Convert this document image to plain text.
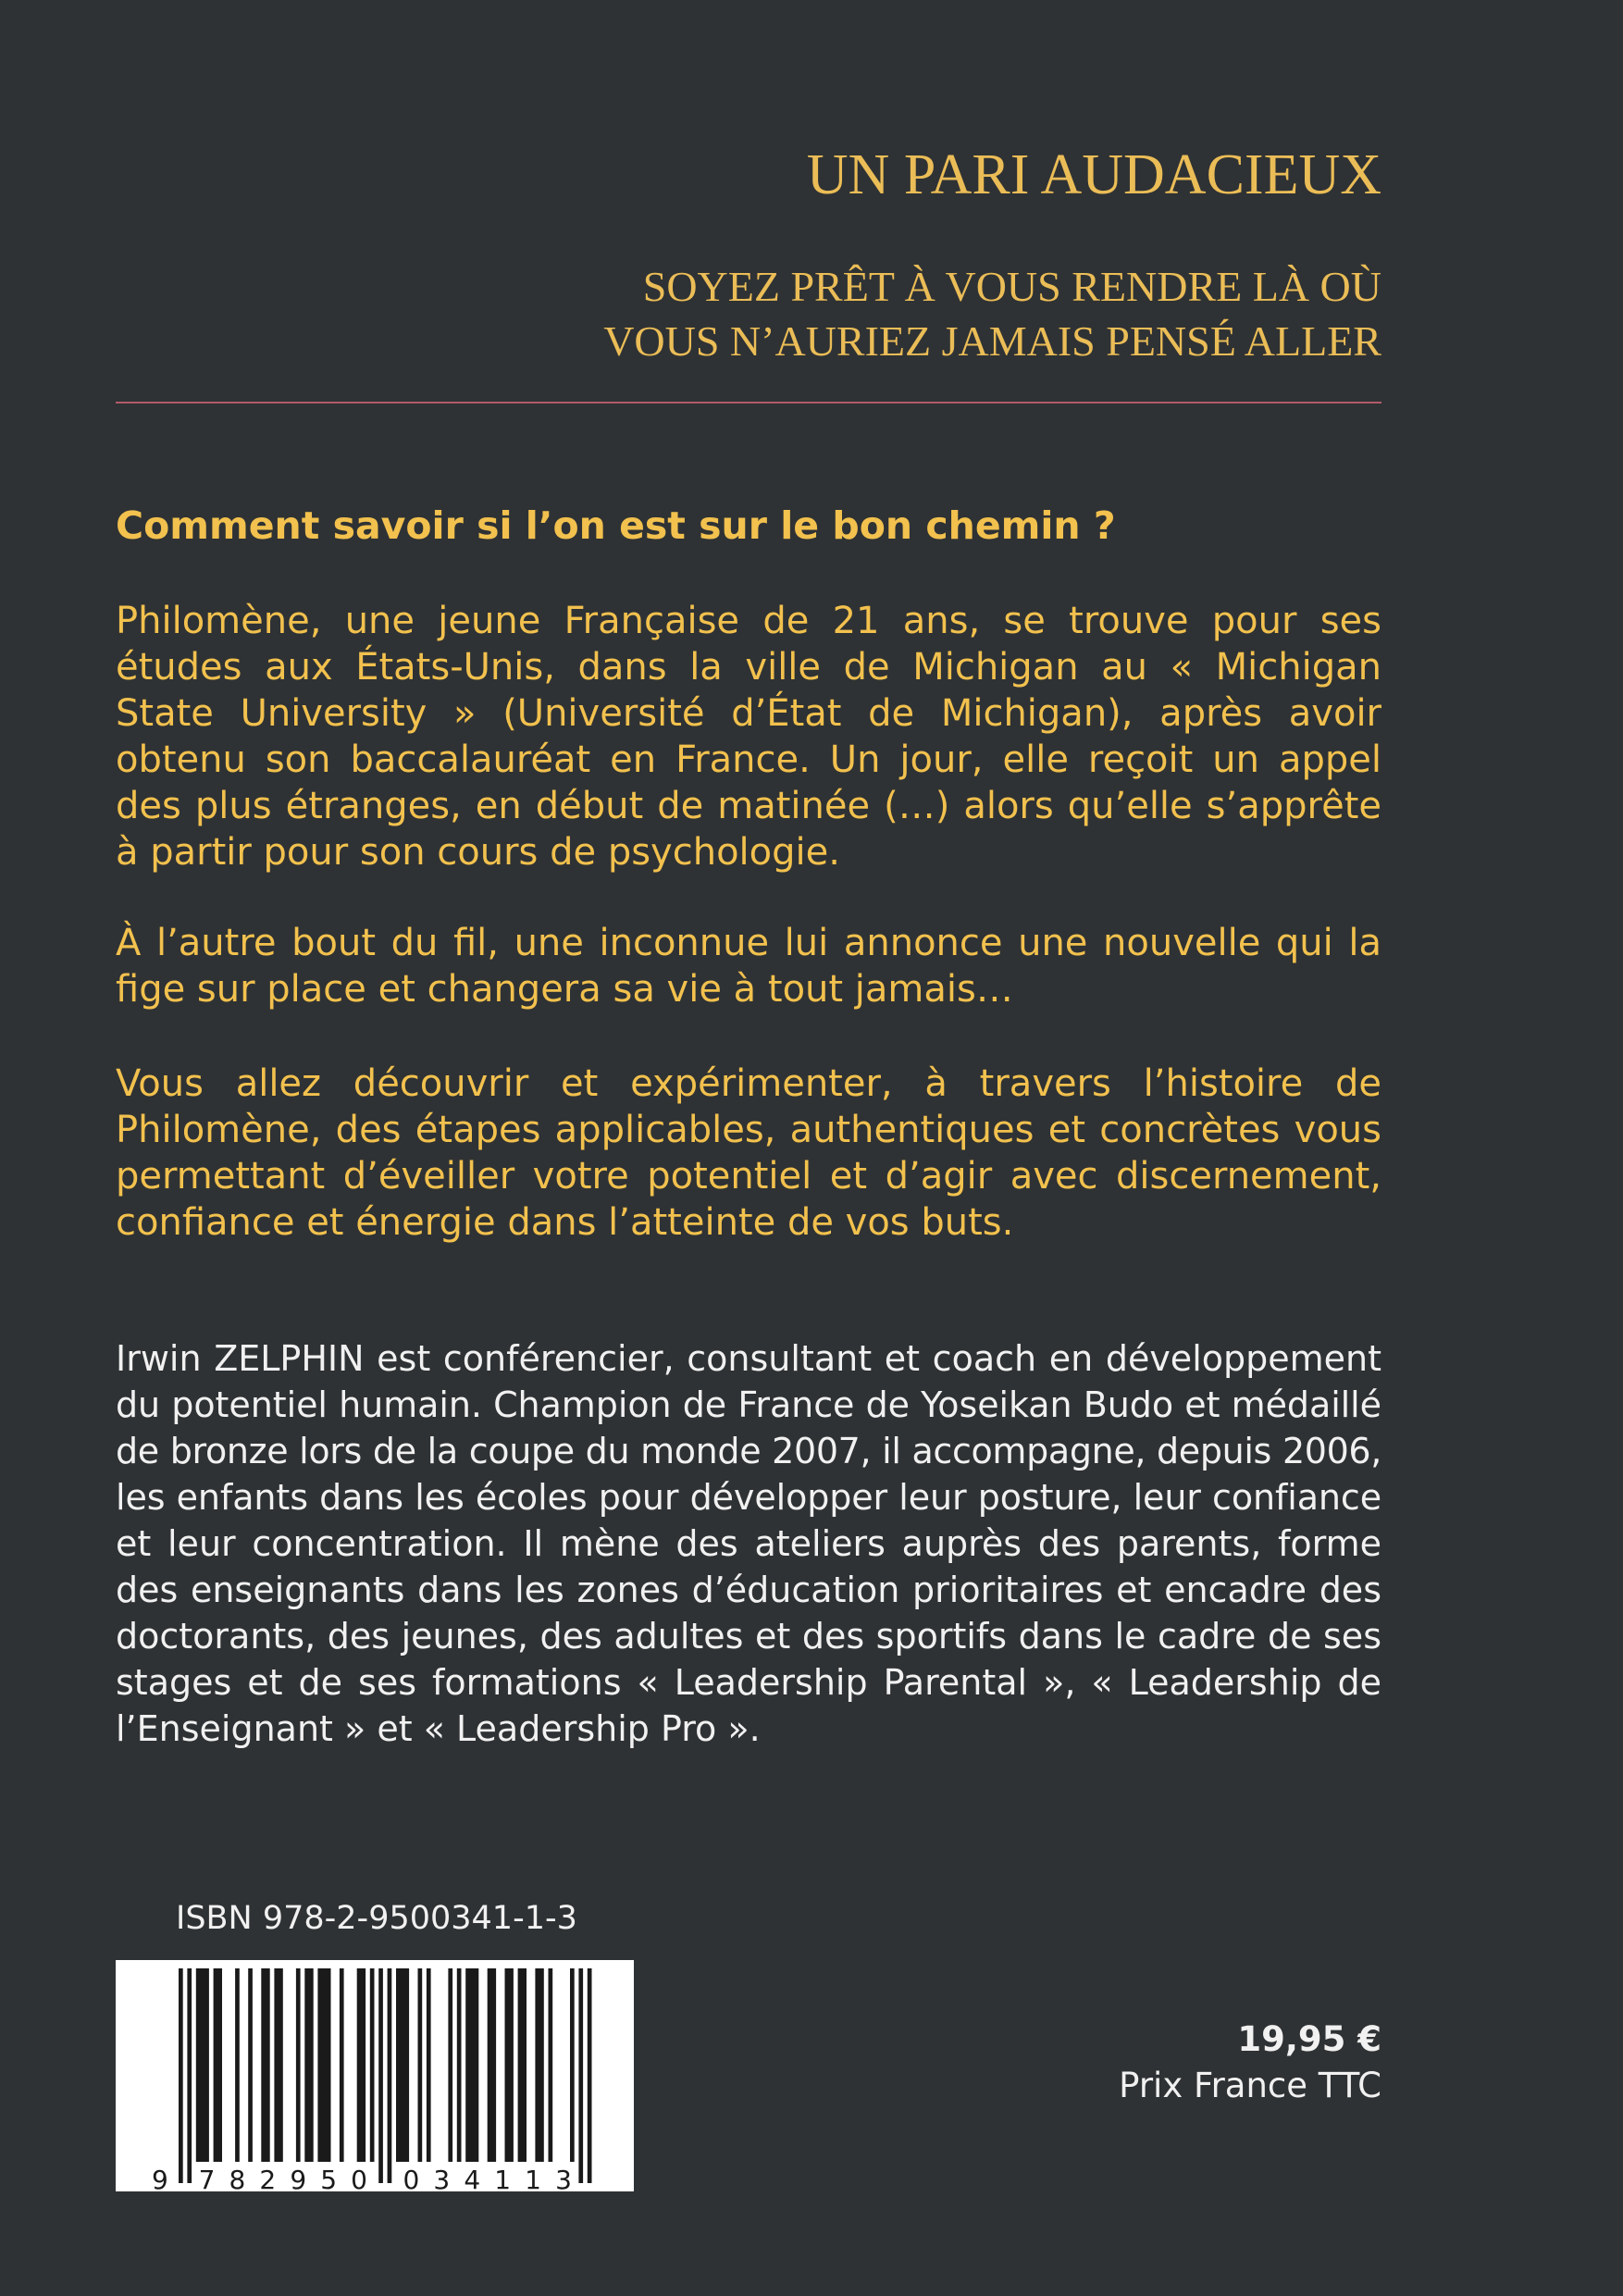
UN PARI AUDACIEUX
SOYEZ PRÊT À VOUS RENDRE LÀ OÙ
VOUS N’AURIEZ JAMAIS PENSÉ ALLER
Comment savoir si l’on est sur le bon chemin ?
Philomène, une jeune Française de 21 ans, se trouve pour ses
études aux États-Unis, dans la ville de Michigan au « Michigan
State University » (Université d’État de Michigan), après avoir
obtenu son baccalauréat en France. Un jour, elle reçoit un appel
des plus étranges, en début de matinée (…) alors qu’elle s’apprête
à partir pour son cours de psychologie.
À l’autre bout du fil, une inconnue lui annonce une nouvelle qui la
fige sur place et changera sa vie à tout jamais…
Vous allez découvrir et expérimenter, à travers l’histoire de
Philomène, des étapes applicables, authentiques et concrètes vous
permettant d’éveiller votre potentiel et d’agir avec discernement,
confiance et énergie dans l’atteinte de vos buts.
Irwin ZELPHIN est conférencier, consultant et coach en développement
du potentiel humain. Champion de France de Yoseikan Budo et médaillé
de bronze lors de la coupe du monde 2007, il accompagne, depuis 2006,
les enfants dans les écoles pour développer leur posture, leur confiance
et leur concentration. Il mène des ateliers auprès des parents, forme
des enseignants dans les zones d’éducation prioritaires et encadre des
doctorants, des jeunes, des adultes et des sportifs dans le cadre de ses
stages et de ses formations « Leadership Parental », « Leadership de
l’Enseignant » et « Leadership Pro ».
ISBN 978-2-9500341-1-3
9 782950 034113
19,95 €
Prix France TTC
